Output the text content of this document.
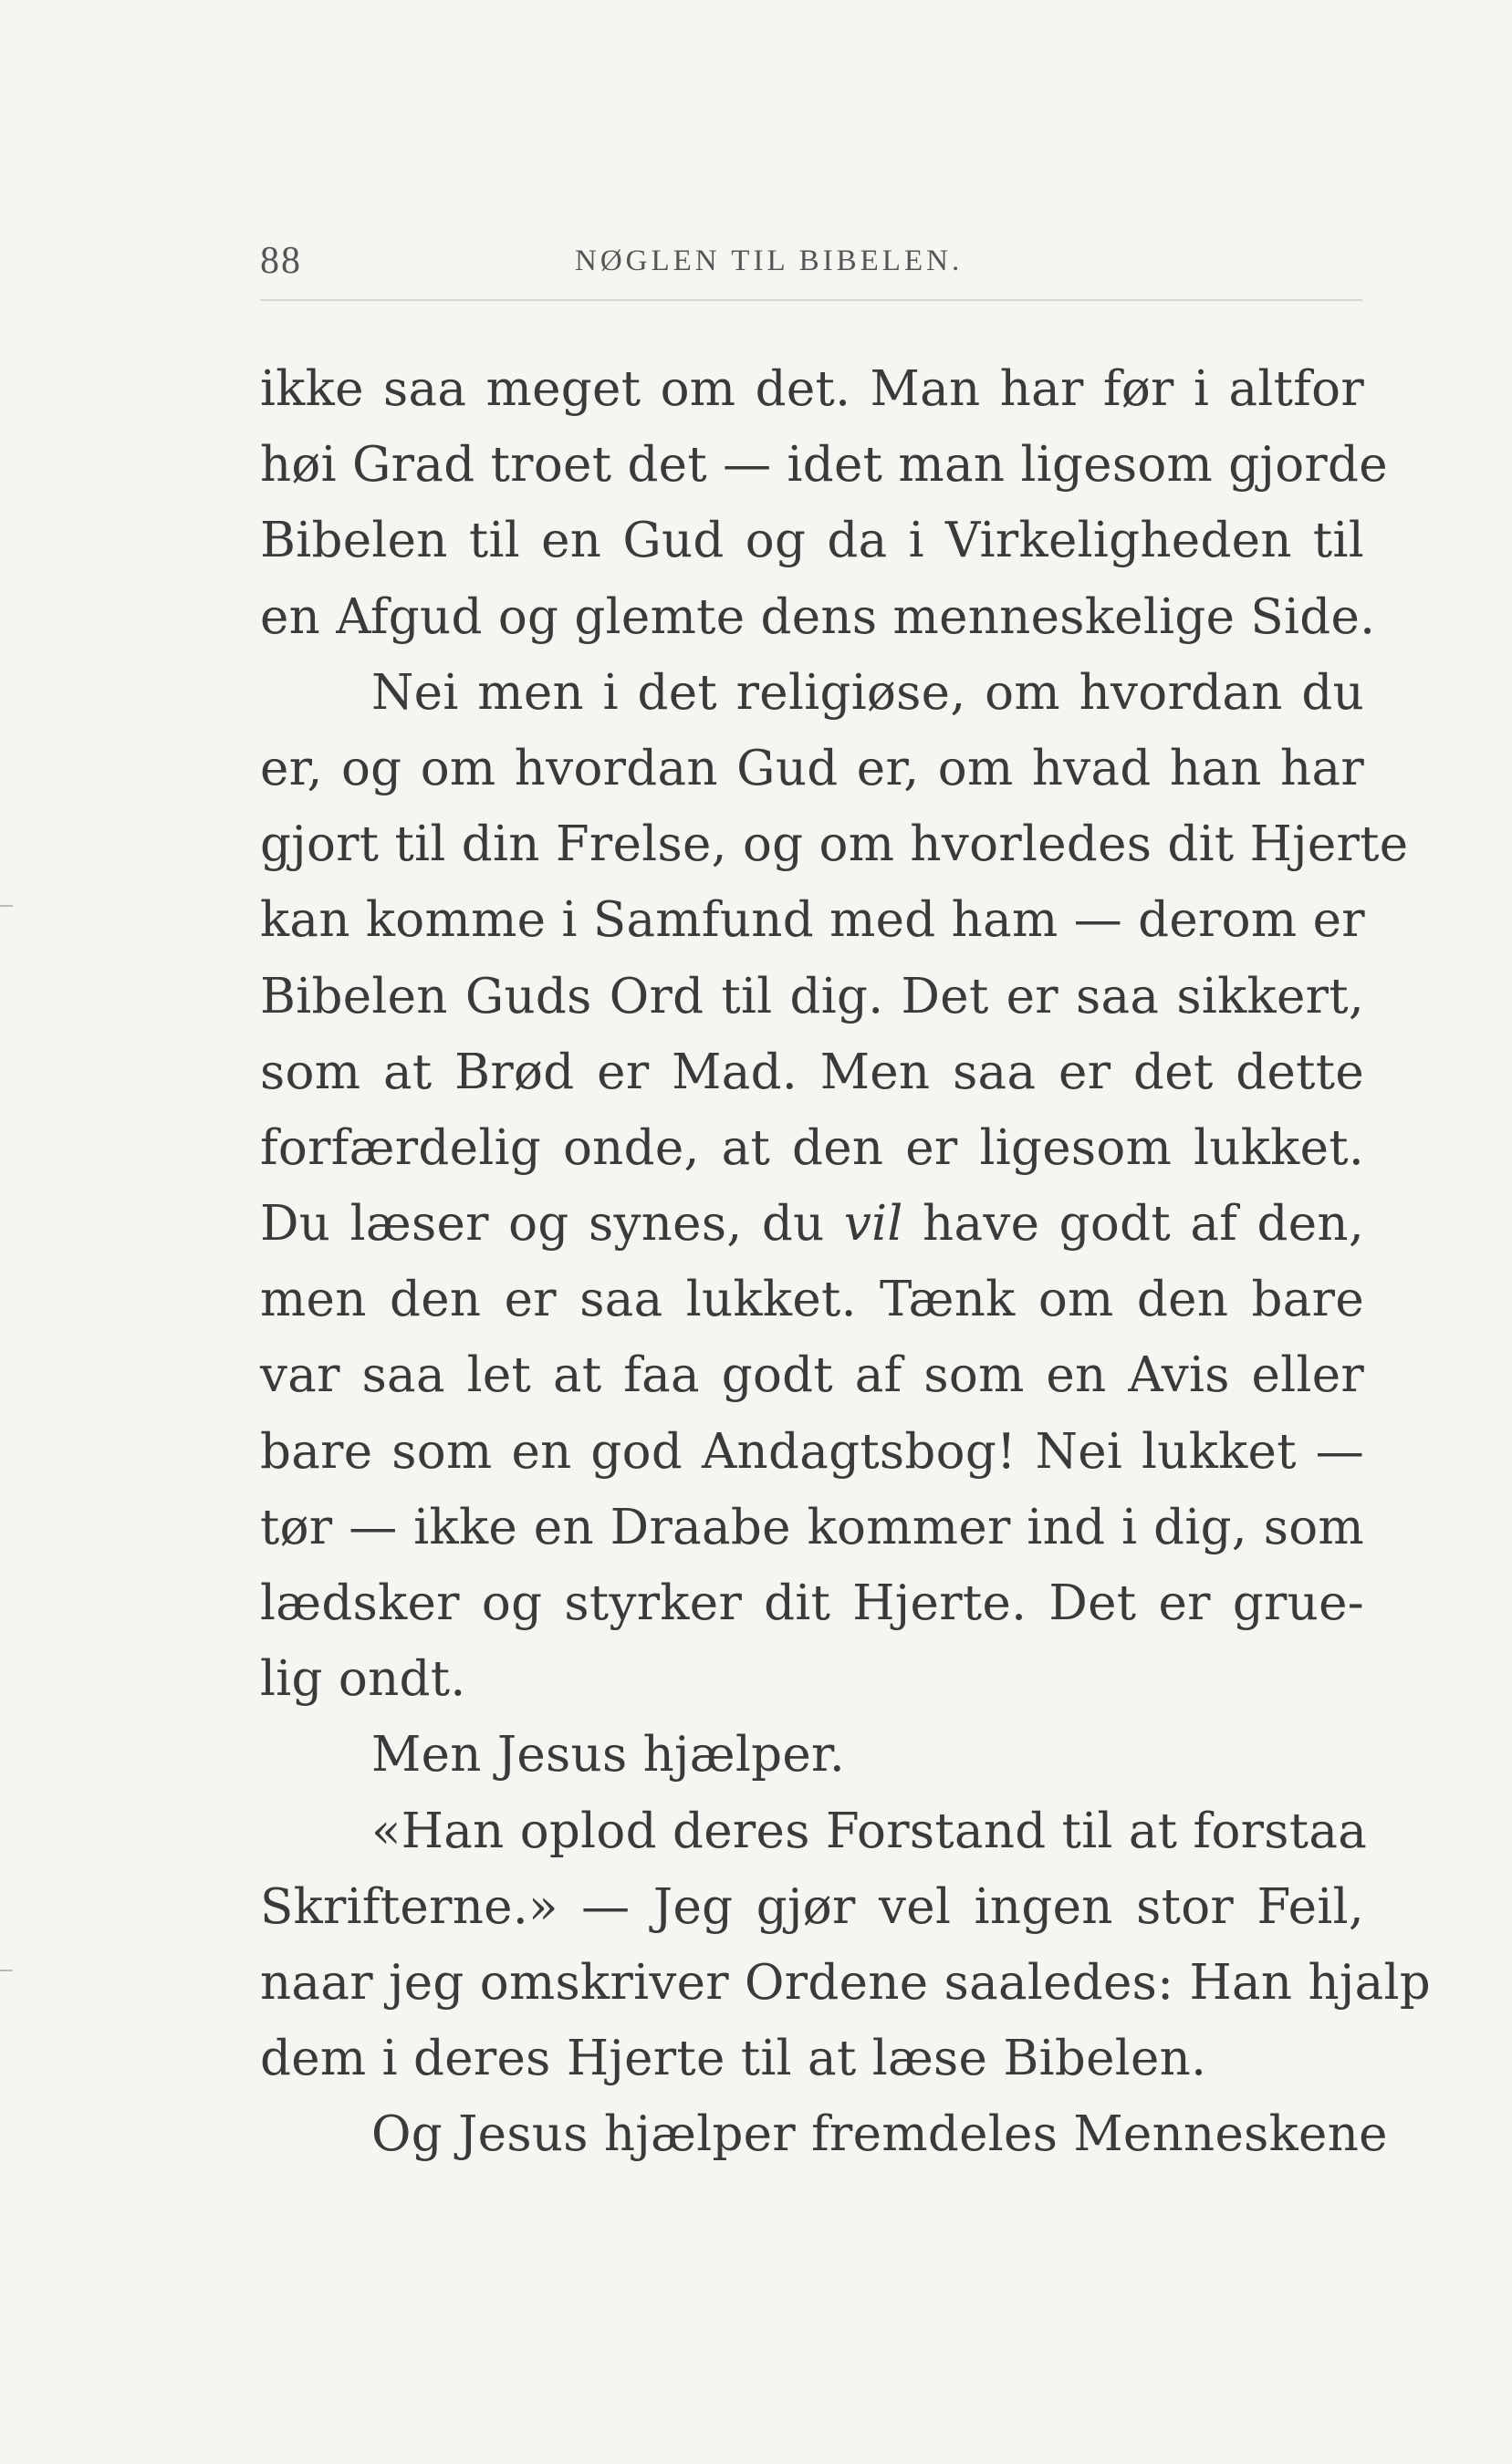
88	NØGLEN TIL BIBELEN.
ikke saa meget om det. Man har før i altfor
høi Grad troet det — idet man ligesom gjorde
Bibelen til en Gud og da i Virkeligheden til
en Afgud og glemte dens menneskelige Side.
Nei men i det religiøse, om hvordan du
er, og om hvordan Gud er, om hvad han har
gjort til din Frelse, og om hvorledes dit Hjerte
kan komme i Samfund med ham — derom er
Bibelen Guds Ord til dig. Det er saa sikkert,
som at Brød er Mad. Men saa er det dette
forfærdelig onde, at den er ligesom lukket.
Du læser og synes, du vil have godt af den,
men den er saa lukket. Tænk om den bare
var saa let at faa godt af som en Avis eller
bare som en god Andagtsbog! Nei lukket —
tør — ikke en Draabe kommer ind i dig, som
lædsker og styrker dit Hjerte. Det er grue-
lig ondt.
Men Jesus hjælper.
«Han oplod deres Forstand til at forstaa
Skrifterne.» — Jeg gjør vel ingen stor Feil,
naar jeg omskriver Ordene saaledes: Han hjalp
dem i deres Hjerte til at læse Bibelen.
Og Jesus hjælper fremdeles Menneskene
